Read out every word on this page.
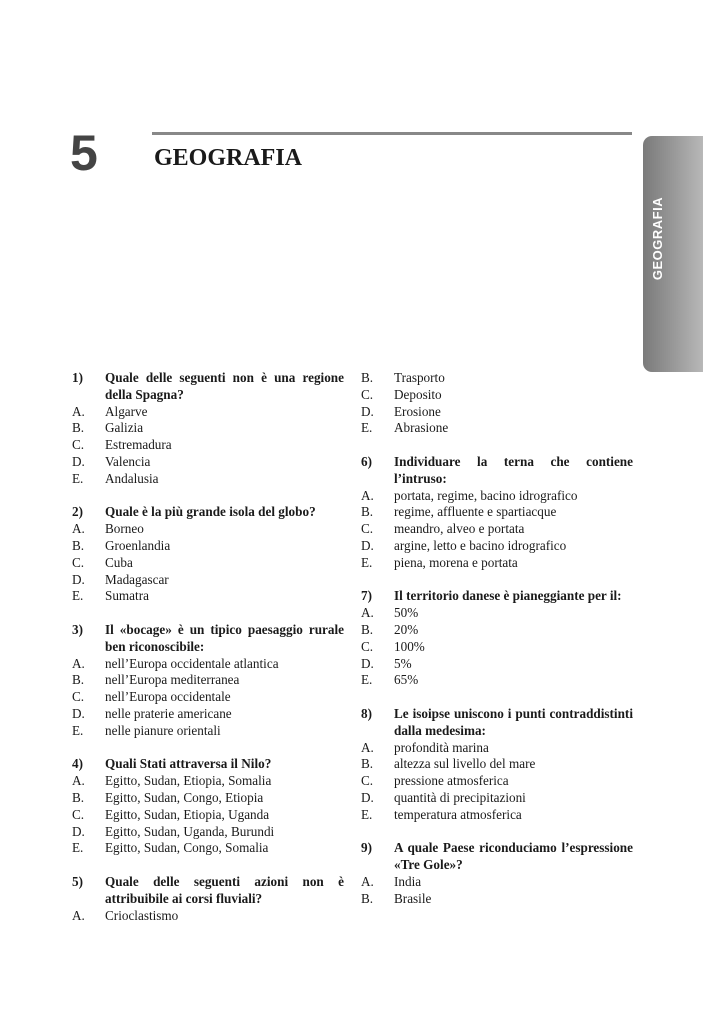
5 GEOGRAFIA
GEOGRAFIA
1)	Quale delle seguenti non è una regione della Spagna?
A.	Algarve
B.	Galizia
C.	Estremadura
D.	Valencia
E.	Andalusia
2)	Quale è la più grande isola del globo?
A.	Borneo
B.	Groenlandia
C.	Cuba
D.	Madagascar
E.	Sumatra
3)	Il «bocage» è un tipico paesaggio rurale ben riconoscibile:
A.	nell’Europa occidentale atlantica
B.	nell’Europa mediterranea
C.	nell’Europa occidentale
D.	nelle praterie americane
E.	nelle pianure orientali
4)	Quali Stati attraversa il Nilo?
A.	Egitto, Sudan, Etiopia, Somalia
B.	Egitto, Sudan, Congo, Etiopia
C.	Egitto, Sudan, Etiopia, Uganda
D.	Egitto, Sudan, Uganda, Burundi
E.	Egitto, Sudan, Congo, Somalia
5)	Quale delle seguenti azioni non è attribuibile ai corsi fluviali?
A.	Crioclastismo
B.	Trasporto
C.	Deposito
D.	Erosione
E.	Abrasione
6)	Individuare la terna che contiene l’intruso:
A.	portata, regime, bacino idrografico
B.	regime, affluente e spartiacque
C.	meandro, alveo e portata
D.	argine, letto e bacino idrografico
E.	piena, morena e portata
7)	Il territorio danese è pianeggiante per il:
A.	50%
B.	20%
C.	100%
D.	5%
E.	65%
8)	Le isoipse uniscono i punti contraddistinti dalla medesima:
A.	profondità marina
B.	altezza sul livello del mare
C.	pressione atmosferica
D.	quantità di precipitazioni
E.	temperatura atmosferica
9)	A quale Paese riconduciamo l’espressione «Tre Gole»?
A.	India
B.	Brasile
